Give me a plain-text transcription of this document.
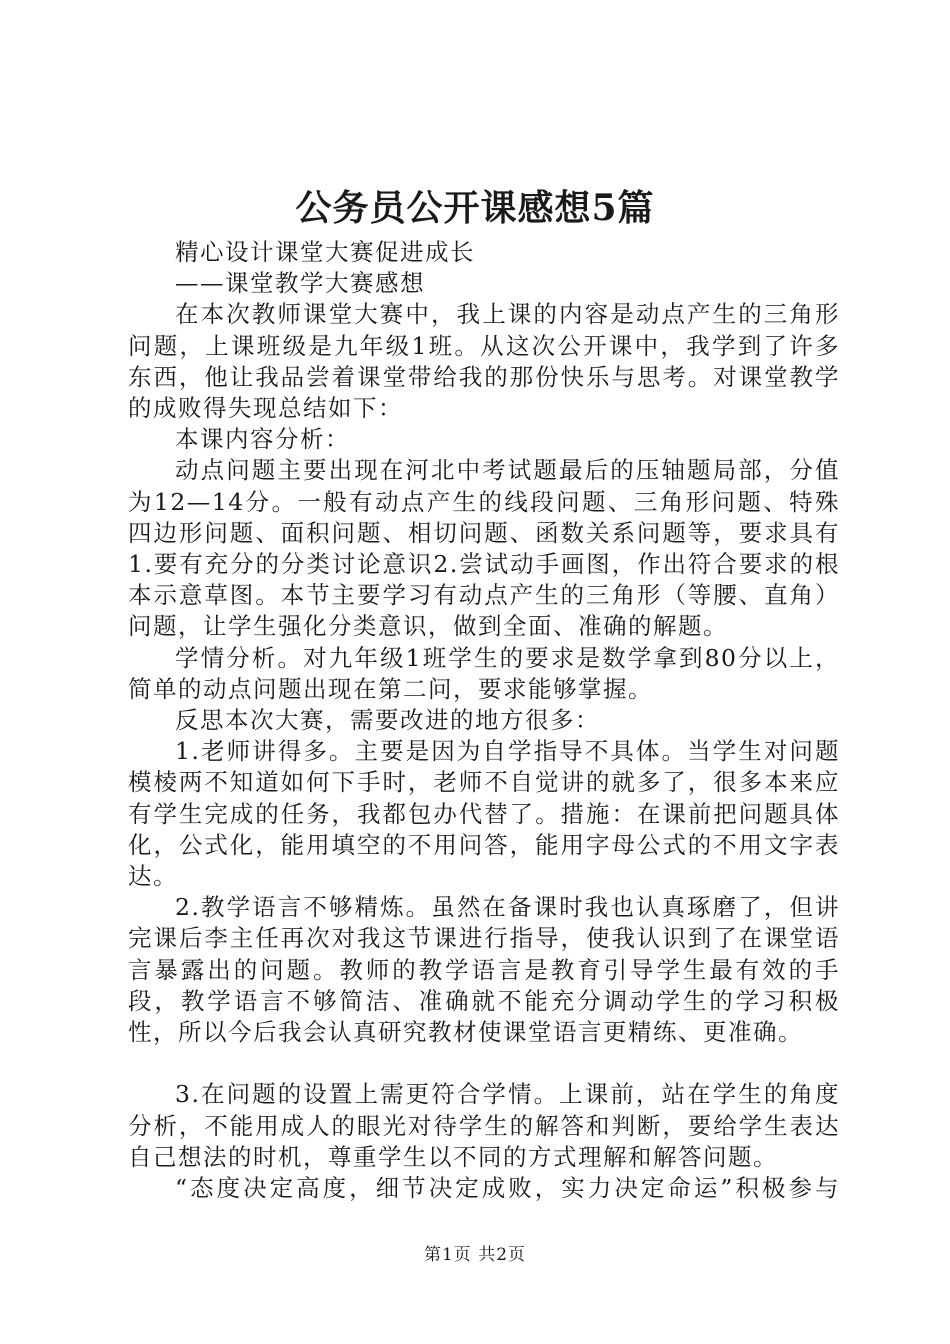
公务员公开课感想5篇

精心设计课堂大赛促进成长

——课堂教学大赛感想

在本次教师课堂大赛中，我上课的内容是动点产生的三角形问题，上课班级是九年级1班。从这次公开课中，我学到了许多东西，他让我品尝着课堂带给我的那份快乐与思考。对课堂教学的成败得失现总结如下：

本课内容分析：

动点问题主要出现在河北中考试题最后的压轴题局部，分值为12—14分。一般有动点产生的线段问题、三角形问题、特殊四边形问题、面积问题、相切问题、函数关系问题等，要求具有1.要有充分的分类讨论意识2.尝试动手画图，作出符合要求的根本示意草图。本节主要学习有动点产生的三角形（等腰、直角）问题，让学生强化分类意识，做到全面、准确的解题。

学情分析。对九年级1班学生的要求是数学拿到80分以上，简单的动点问题出现在第二问，要求能够掌握。

反思本次大赛，需要改进的地方很多：

1.老师讲得多。主要是因为自学指导不具体。当学生对问题模棱两不知道如何下手时，老师不自觉讲的就多了，很多本来应有学生完成的任务，我都包办代替了。措施：在课前把问题具体化，公式化，能用填空的不用问答，能用字母公式的不用文字表达。

2.教学语言不够精炼。虽然在备课时我也认真琢磨了，但讲完课后李主任再次对我这节课进行指导，使我认识到了在课堂语言暴露出的问题。教师的教学语言是教育引导学生最有效的手段，教学语言不够简洁、准确就不能充分调动学生的学习积极性，所以今后我会认真研究教材使课堂语言更精练、更准确。

3.在问题的设置上需更符合学情。上课前，站在学生的角度分析，不能用成人的眼光对待学生的解答和判断，要给学生表达自己想法的时机，尊重学生以不同的方式理解和解答问题。

“态度决定高度，细节决定成败，实力决定命运”积极参与

第1页 共2页
